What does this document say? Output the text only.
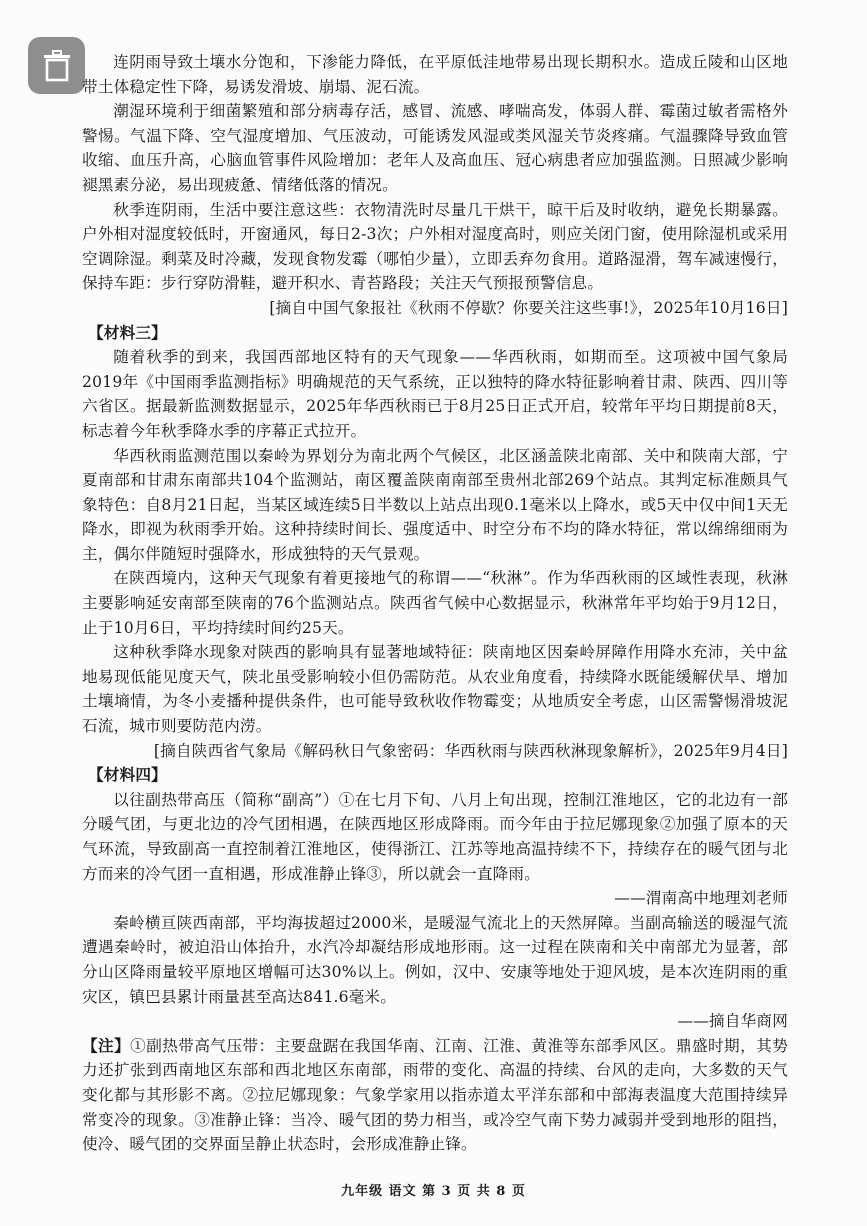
连阴雨导致土壤水分饱和，下渗能力降低，在平原低洼地带易出现长期积水。造成丘陵和山区地带土体稳定性下降，易诱发滑坡、崩塌、泥石流。

潮湿环境利于细菌繁殖和部分病毒存活，感冒、流感、哮喘高发，体弱人群、霉菌过敏者需格外警惕。气温下降、空气湿度增加、气压波动，可能诱发风湿或类风湿关节炎疼痛。气温骤降导致血管收缩、血压升高，心脑血管事件风险增加：老年人及高血压、冠心病患者应加强监测。日照减少影响褪黑素分泌，易出现疲惫、情绪低落的情况。

秋季连阴雨，生活中要注意这些：衣物清洗时尽量几干烘干，晾干后及时收纳，避免长期暴露。户外相对湿度较低时，开窗通风，每日2-3次；户外相对湿度高时，则应关闭门窗，使用除湿机或采用空调除湿。剩菜及时冷藏，发现食物发霉（哪怕少量），立即丢弃勿食用。道路湿滑，驾车减速慢行，保持车距：步行穿防滑鞋，避开积水、青苔路段；关注天气预报预警信息。

[摘自中国气象报社《秋雨不停歇？你要关注这些事!》，2025年10月16日]

【材料三】

随着秋季的到来，我国西部地区特有的天气现象——华西秋雨，如期而至。这项被中国气象局2019年《中国雨季监测指标》明确规范的天气系统，正以独特的降水特征影响着甘肃、陕西、四川等六省区。据最新监测数据显示，2025年华西秋雨已于8月25日正式开启，较常年平均日期提前8天，标志着今年秋季降水季的序幕正式拉开。

华西秋雨监测范围以秦岭为界划分为南北两个气候区，北区涵盖陕北南部、关中和陕南大部，宁夏南部和甘肃东南部共104个监测站，南区覆盖陕南南部至贵州北部269个站点。其判定标准颇具气象特色：自8月21日起，当某区域连续5日半数以上站点出现0.1毫米以上降水，或5天中仅中间1天无降水，即视为秋雨季开始。这种持续时间长、强度适中、时空分布不均的降水特征，常以绵绵细雨为主，偶尔伴随短时强降水，形成独特的天气景观。

在陕西境内，这种天气现象有着更接地气的称谓——“秋淋”。作为华西秋雨的区域性表现，秋淋主要影响延安南部至陕南的76个监测站点。陕西省气候中心数据显示，秋淋常年平均始于9月12日，止于10月6日，平均持续时间约25天。

这种秋季降水现象对陕西的影响具有显著地域特征：陕南地区因秦岭屏障作用降水充沛，关中盆地易现低能见度天气，陕北虽受影响较小但仍需防范。从农业角度看，持续降水既能缓解伏旱、增加土壤墒情，为冬小麦播种提供条件，也可能导致秋收作物霉变；从地质安全考虑，山区需警惕滑坡泥石流，城市则要防范内涝。

[摘自陕西省气象局《解码秋日气象密码：华西秋雨与陕西秋淋现象解析》，2025年9月4日]

【材料四】

以往副热带高压（简称“副高”）①在七月下旬、八月上旬出现，控制江淮地区，它的北边有一部分暖气团，与更北边的冷气团相遇，在陕西地区形成降雨。而今年由于拉尼娜现象②加强了原本的天气环流，导致副高一直控制着江淮地区，使得浙江、江苏等地高温持续不下，持续存在的暖气团与北方而来的冷气团一直相遇，形成准静止锋③，所以就会一直降雨。

——渭南高中地理刘老师

秦岭横亘陕西南部，平均海拔超过2000米，是暖湿气流北上的天然屏障。当副高输送的暖湿气流遭遇秦岭时，被迫沿山体抬升，水汽冷却凝结形成地形雨。这一过程在陕南和关中南部尤为显著，部分山区降雨量较平原地区增幅可达30%以上。例如，汉中、安康等地处于迎风坡，是本次连阴雨的重灾区，镇巴县累计雨量甚至高达841.6毫米。

——摘自华商网

【注】①副热带高气压带：主要盘踞在我国华南、江南、江淮、黄淮等东部季风区。鼎盛时期，其势力还扩张到西南地区东部和西北地区东南部，雨带的变化、高温的持续、台风的走向，大多数的天气变化都与其形影不离。②拉尼娜现象：气象学家用以指赤道太平洋东部和中部海表温度大范围持续异常变冷的现象。③准静止锋：当冷、暖气团的势力相当，或冷空气南下势力减弱并受到地形的阻挡，使冷、暖气团的交界面呈静止状态时，会形成准静止锋。

九年级 语文 第 3 页 共 8 页
